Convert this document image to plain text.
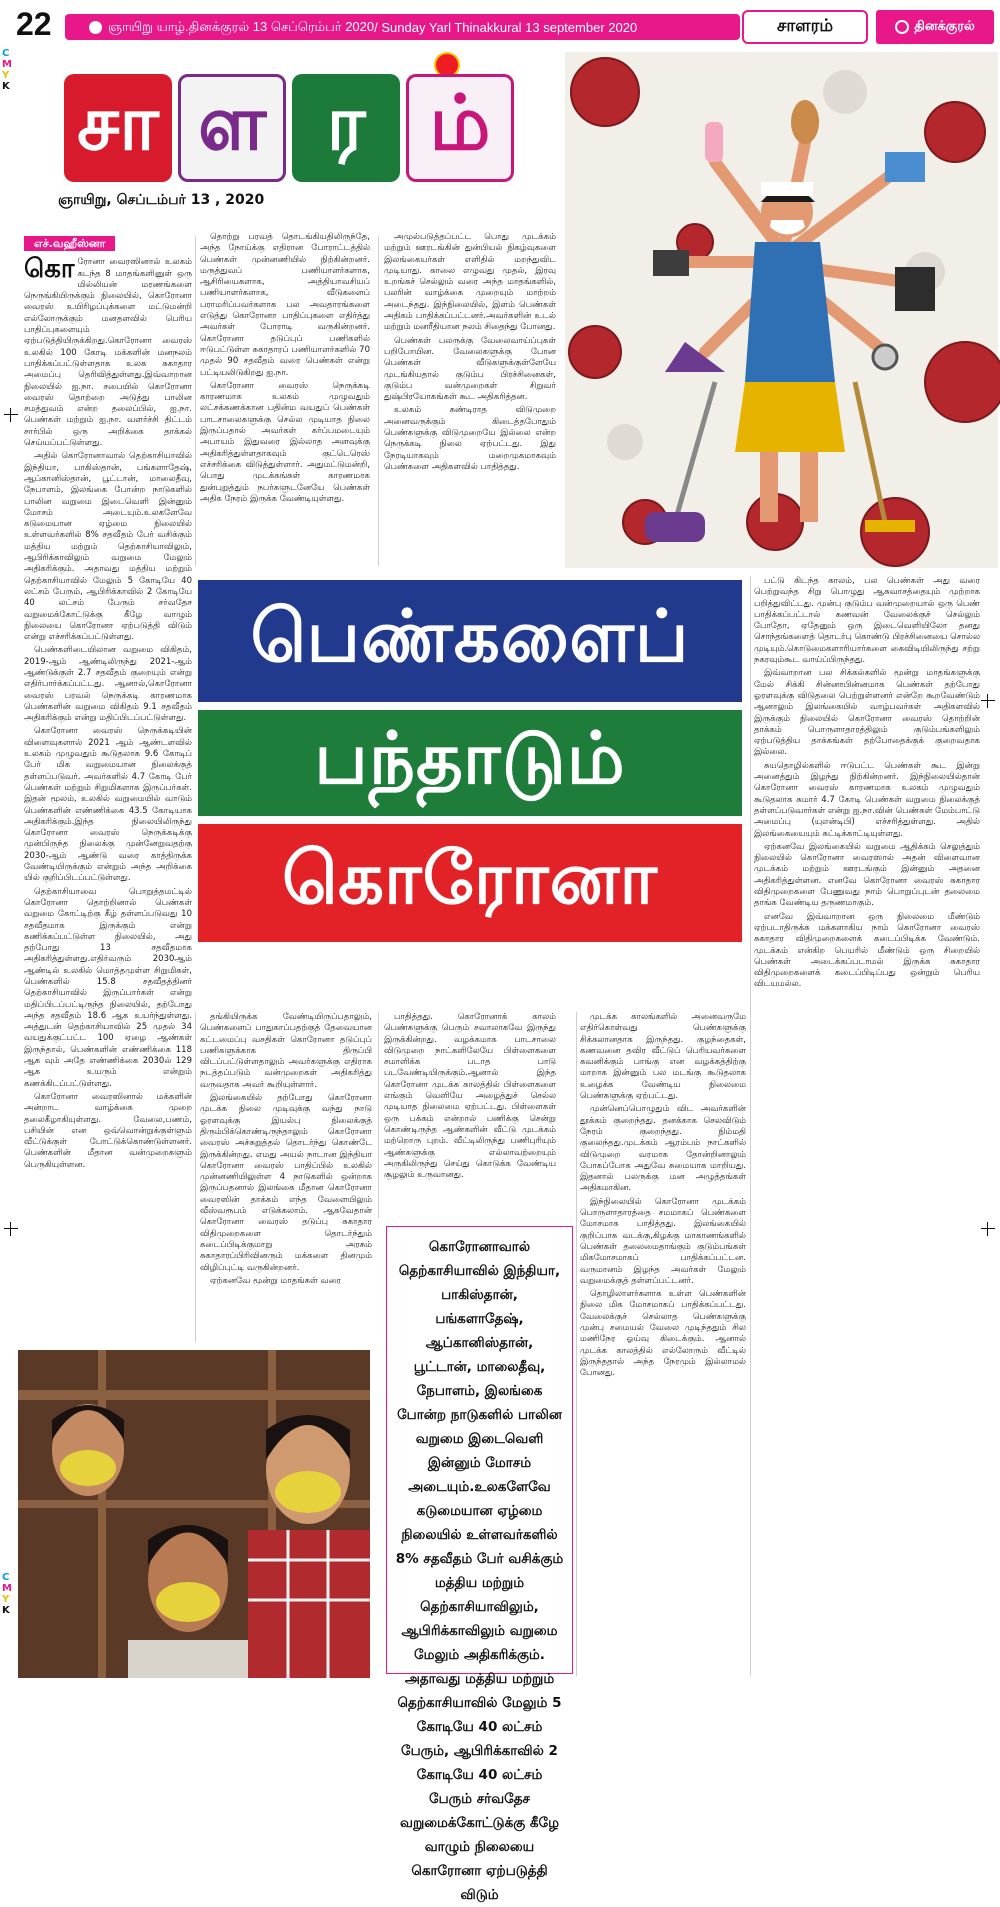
22	ஞாயிறு யாழ்.தினக்குரல் 13 செப்ரெம்பர் 2020 / Sunday Yarl Thinakkural 13 september 2020	சாளரம்	தினக்குரல்
C
M
Y
K
C
M
Y
K
சா ள ர ம்
ஞாயிறு, செப்டம்பர் 13 , 2020
எச்.வஹீஸ்னா

கொரோனா வைரஸினால் உலகம் கடந்த 8 மாதங்களினுள் ஒரு மில்லியன் மரணங்களை நெருங்கியிருக்கும் நிலையில், கொரோனா வைரஸ் உயிரிழப்புக்களை மட்டுமன்றி எல்லோருக்கும் மனதளவில் பெரிய பாதிப்புகளையும் ஏற்படுத்தியிருக்கிறது.கொரோனா வைரஸ் உலகில் 100 கோடி மக்களின் மனநலம் பாதிக்கப்பட்டுள்ளதாக உலக சுகாதார அமைப்பு தெரிவித்துள்ளது.இவ்வாறான நிலையில் ஐ.நா. சபையில் கொரோனா வைரஸ் தொற்றை அடுத்து பாலின சமத்துவம் என்ற தலைப்பில், ஐ.நா. பெண்கள் மற்றும் ஐ.நா. வளர்ச்சி திட்டம் சார்பில் ஒரு அறிக்கை தாக்கல் செய்யப்பட்டுள்ளது.

அதில் கொரோனாவால் தெற்காசியாவில் இந்தியா, பாகிஸ்தான், பங்களாதேஷ், ஆப்கானிஸ்தான், பூட்டான், மாலைதீவு, நேபாளம், இலங்கை போன்ற நாடுகளில் பாலின வறுமை இடைவெளி இன்னும் மோசம் அடையும்.உலகளேவே கடுமையான ஏழ்மை நிலையில் உள்ளவர்களில் 8% சதவீதம் பேர் வசிக்கும் மத்திய மற்றும் தெற்காசியாவிலும், ஆபிரிக்காவிலும் வறுமை மேலும் அதிகரிக்கும். அதாவது மத்திய மற்றும் தெற்காசியாவில் மேலும் 5 கோடியே 40 லட்சம் பேரும், ஆபிரிக்காவில் 2 கோடியே 40 லட்சம் பேரும் சர்வதேச வறுமைக்கோட்டுக்கு கீழே வாழும் நிலையை கொரோனா ஏற்படுத்தி விடும் என்று எச்சரிக்கப்பட்டுள்ளது.

பெண்களிடையிலான வறுமை விகிதம், 2019-ஆம் ஆண்டிலிருந்து 2021-ஆம் ஆண்டுக்குள் 2.7 சதவீதம் குறையும் என்று எதிர்பார்க்கப்பட்டது. ஆனால்,கொரோனா வைரஸ் பரவல் நெருக்கடி காரணமாக பெண்களின் வறுமை விகிதம் 9.1 சதவீதம் அதிகரிக்கும் என்று மதிப்பிடப்பட்டுள்ளது.

கொரோனா வைரஸ் நெருக்கடியின் விளைவுகளால் 2021 ஆம் ஆண்டளவில் உலகம் முழுவதும் கூடுதலாக 9.6 கோடிப் பேர் மிக வறுமையான நிலைக்குத் தள்ளப்படுவர். அவர்களில் 4.7 கோடி பேர் பெண்கள் மற்றும் சிறுமிகளாக இருப்பர்கள். இதன் மூலம், உலகில் வறுமையில் வாடும் பெண்களின் எண்ணிக்கை 43.5 கோடியாக அதிகரிக்கும்.இந்த நிலையிலிருந்து கொரோனா வைரஸ் நெருக்கடிக்கு முன்பிருந்த நிலைக்கு முன்னேறுவதற்கு 2030-ஆம் ஆண்டு வரை காத்திருக்க வேண்டியிருக்கும் என்றும் அந்த அறிக்கை யில் குறிப்பிடப்பட்டுள்ளது.

தெற்காசியாவை பொறுத்தமட்டில் கொரோனா தொற்றினால் பெண்கள் வறுமை கோட்டிற்கு கீழ் தள்ளப்படுவது 10 சதவீதமாக இருக்கும் என்று கணிக்கப்பட்டுள்ள நிலையில், அது தற்போது 13 சதவீதமாக அதிகரித்துள்ளது.எதிர்வரும் 2030ஆம் ஆண்டில் உலகில் மொத்தமுள்ள சிறுமிகள், பெண்களில் 15.8 சதவீதத்தினர் தெற்காசியாவில் இருப்பார்கள் என்று மதிப்பிடப்பட்டிருந்த நிலையில், தற்போது அந்த சதவீதம் 18.6 ஆக உயர்ந்துள்ளது. அத்துடன் தெற்காசியாவில் 25 முதல் 34 வயதுக்குட்பட்ட 100 ஏழை ஆண்கள் இருந்தால், பெண்களின் எண்ணிக்கை 118 ஆக வும் அதே எண்ணிக்கை 2030ல் 129 ஆக உயரும் என்றும் கணக்கிடப்பட்டுள்ளது.

கொரோனா வைரஸினால் மக்களின் அன்றாட வாழ்க்கை முறை தலைகீழாகியுள்ளது. வேலை,பணம், பசியின் என ஒவ்வொன்றுக்குள்ளும் வீட்டுக்குள் போட்டுக்கொண்டுள்ளனர். பெண்களின் மீதான வன்முறைகளும் பெருகியுள்ளன.

தொற்று பரவத் தொடங்கியதிலிருந்தே, அந்த நோய்க்கு எதிரான போராட்டத்தில் பெண்கள் முன்னணியில் நிற்கின்றனர். மருத்துவப் பணியாளர்களாக, ஆசிரியைகளாக, அத்தியாவசியப் பணியாளர்களாக, வீடுகளைப் பராமரிப்பவர்களாக பல அவதாரங்களை எடுத்து கொரோனா பாதிப்புகளை எதிர்த்து அவர்கள் போராடி வருகின்றனர். கொரோனா தடுப்புப் பணிகளில் ஈடுபட்டுள்ள சுகாதாரப் பணியாளர்களில் 70 முதல் 90 சதவீதம் வரை பெண்கள் என்று பட்டியலிடுகிறது ஐ.நா.

கொரோனா வைரஸ் நெருக்கடி காரணமாக உலகம் முழுவதும் லட்சக்கணக்கான பதின்ம வயதுப் பெண்கள் பாடசாலைகளுக்கு செல்ல முடியாத நிலை இருப்பதால் அவர்கள் கர்ப்பமடையும் அபாயம் இதுவரை இல்லாத அளவுக்கு அதிகரித்துள்ளதாகவும் குட்டெரெஸ் எச்சரிக்கை விடுத்துள்ளார். அதுமட்டுமன்றி, பொது முடக்கங்கள் காரணமாக துன்புறுத்தும் நபர்களுடனேயே பெண்கள் அதிக நேரம் இருக்க வேண்டியுள்ளது.

அமுல்படுத்தப்பட்ட பொது முடக்கம் மற்றும் ஊரடங்கின் துன்பியல் நிகழ்வுகளை இலங்கையர்கள் எளிதில் மறந்துவிட முடியாது. காலை எழுவது முதல், இரவு உறங்கச் செல்லும் வரை அந்த மாதங்களில், பலரின் வாழ்க்கை முறையும் மாற்றம் அடைந்தது. இந்நிலையில், இளம் பெண்கள் அதிகம் பாதிக்கப்பட்டனர்.அவர்களின் உடல் மற்றும் மனரீதியான நலம் சிதைந்து போனது.

பெண்கள் பலருக்கு வேலைவாய்ப்புகள் பறிபோயின. வேலைகளுக்கு போன பெண்கள் வீடுகளுக்குள்ளேயே முடங்கியதால் குடும்ப பிரச்சினைகள், குடும்ப வன்முறைகள் சிறுவர் துஷ்பிரயோகங்கள் கூட அதிகரித்தன.

உலகம் கண்டிராத விடுமுறை அனைவருக்கும் கிடைத்தபோதும் பெண்களுக்கு விடுமுறையே இல்லை என்ற நெருக்கடி நிலை ஏற்பட்டது. இது நேரடியாகவும் மறைமுகமாகவும் பெண்களை அதிகளவில் பாதித்தது.

பட்டு கிடந்த காலம், பல பெண்கள் அது வரை பெற்றுவந்த சிறு பொழுது ஆசுவாசத்தையும் முற்றாக பறித்துவிட்டது. முன்பு குடும்ப வன்முறையால் ஒரு பெண் பாதிக்கப்பட்டால் கணவன் வேலைக்குச் செல்லும் போதோ, ஏதேனும் ஒரு இடைவெளியிலோ தனது சொந்தங்களைத் தொடர்பு கொண்டு பிரச்சினையை சொல்ல முடியும்.கொடுமைகளாரியார்களை கைவிடியிலிருந்து சற்று நகரவும்கூட வாய்ப்பிருந்தது.

இவ்வாறான பல சிக்கல்களில் மூன்று மாதங்களுக்கு மேல் சிக்கி சின்னாபின்னமாக பெண்கள் தற்போது ஓரளவுக்கு விடுதலை பெற்றுள்ளனர் என்றே கூறவேண்டும் ஆனாலும் இலங்கையில் வாழ்பவர்கள் அதிகளவில் இருக்கும் நிலையில் கொரோனா வைரஸ் தொற்றின் தாக்கம் பொருளாதாரத்திலும் குடும்பங்களிலும் ஏற்படுத்திய தாக்கங்கள் தற்போதைக்குக் குறைவதாக இல்லை.

சுயதொழில்களில் ஈடுபட்ட பெண்கள் கூட இன்று அனைத்தும் இழந்து நிற்கின்றனர். இந்நிலையில்தான் கொரோனா வைரஸ் காரணமாக உலகம் முழுவதும் கூடுதலாக சுமார் 4.7 கோடி பெண்கள் வறுமை நிலைக்குத் தள்ளப்படுவார்கள் என்று ஐ.நா.வின் பெண்கள் மேம்பாட்டு அமைப்பு (யுஎன்டிபி) எச்சரித்துள்ளது. அதில் இலங்கையையும் சுட்டிக்காட்டியுள்ளது.

ஏற்கனவே இலங்கையில் வறுமை ஆதிக்கம் செலுத்தும் நிலையில் கொரோனா வைரஸால் அதன் விளைவான முடக்கம் மற்றும் ஊரடங்கும் இன்னும் அதனை அதிகரித்துள்ளன. எனவே கொரோனா வைரஸ் சுகாதார விதிமுறைகளை பேணுவது நாம் பொறுப்புடன் தலைமை தாங்க வேண்டிய தருணமாகும்.

எனவே இவ்வாறான ஒரு நிலைமை மீண்டும் ஏற்படாதிருக்க மக்களாகிய நாம் கொரோனா வைரஸ் சுகாதார விதிமுறைகளைக் கடைப்பிடிக்க வேண்டும். முடக்கம் என்கிற பெயரில் மீண்டும் ஒரு சிறையில் பெண்கள் அடைக்கப்படாமல் இருக்க சுகாதார விதிமுறைகளைக் கடைப்பிடிப்பது ஒன்றும் பெரிய விடயமல்ல.

பெண்களைப்
பந்தாடும்
கொரோனா

தங்கியிருக்க வேண்டியிருப்பதாலும், பெண்களைப் பாதுகாப்பதற்குத் தேவையான கட்டமைப்பு வசதிகள் கொரோனா தடுப்புப் பணிகளுக்காக திருப்பி விடப்பட்டுள்ளதாலும் அவர்களுக்கு எதிராக நடத்தப்படும் வன்முறைகள் அதிகரித்து வருவதாக அவர் கூறியுள்ளார்.

இலங்கையில் தற்போது கொரோனா முடக்க நிலை முடிவுக்கு வந்து நாடு ஓரளவுக்கு இயல்பு நிலைக்குத் திரும்பிக்கொண்டிருந்தாலும் கொரோனா வைரஸ் அச்சுறுத்தல் தொடர்ந்து கொண்டே இருக்கின்றது. எமது அயல் நாடான இந்தியா கொரோனா வைரஸ் பாதிப்பில் உலகில் முன்னணியிலுள்ள 4 நாடுகளில் ஒன்றாக இருப்பதனால் இலங்கை மீதான கொரோனா வைரஸின் தாக்கம் எந்த வேளையிலும் வீஸ்வரூபம் எடுக்கலாம். ஆகவேதான் கொரோனா வைரஸ் தடுப்பு சுகாதார விதிமுறைகளை தொடர்ந்தும் கடைப்பிடிக்குமாறு அரசும் சுகாதாரப்பிரிவினரும் மக்களை தினமும் விழிப்புட்டி வருகின்றனர்.

ஏற்கனவே மூன்று மாதங்கள் வரை

பாதித்தது. கொரோனாக் காலம் பெண்களுக்கு பெரும் சவாலாகவே இருந்து இருக்கின்றது. வழக்கமாக பாடசாலை விடுமுறை நாட்களிலேயே பிள்ளைகளை சமாளிக்க படாத பாடு படவேண்டியிருக்கும்.ஆனால் இந்த கொரோனா முடக்க காலத்தில் பிள்ளைகளை எங்கும் வெளியே அழைத்துச் செல்ல முடியாத நிலைமை ஏற்பட்டது. பிள்ளைகள் ஒரு பக்கம் என்றால் பணிக்கு சென்று கொண்டிருந்த ஆண்களின் வீட்டு முடக்கம் மற்றொரு புறம். வீட்டிலிருந்து பணிபுரியும் ஆண்களுக்கு எல்லாவற்றையும் அருகிலிருந்து செய்து கொடுக்க வேண்டிய சூழலும் உருவானது.

முடக்க காலங்களில் அனைவருமே எதிர்கொள்வது பெண்களுக்கு சிக்கலானதாக இருந்தது. குழந்தைகள், கணவனை தவிர வீட்டுப் பெரியவர்களை கவனிக்கும் பாங்கு என வழக்கத்திற்கு மாறாக இன்னும் பல மடங்கு கூடுதலாக உழைக்க வேண்டிய நிலைமை பெண்களுக்கு ஏற்பட்டது.

முன்னெப்பொழுதும் விட அவர்களின் தூக்கம் குறைந்தது. தனக்காக செலவிடும் நேரம் குறைந்தது. நிம்மதி குலைந்தது.முடக்கம் ஆரம்பம் நாட்களில் விடுமுறை வரமாக தோன்றினாலும் போகப்போக அதுவே சுமையாக மாறியது. இதனால் பலருக்கு மன அழுத்தங்கள் அதிகமாகின.

இந்நிலையில் கொரோனா முடக்கம் பொருளாதாரத்தை சமமாகப் பெண்களை மோசமாக பாதித்தது. இலங்கையில் குறிப்பாக வடக்கு,கிழக்கு மாகாணங்களில் பெண்கள் தலைமைதாங்கும் குடும்பங்கள் மிகமோசமாகப் பாதிக்கப்பட்டன. வருமானம் இழந்த அவர்கள் மேலும் வறுமைக்குத் தள்ளப்பட்டனர்.

தொழிலாளர்களாக உள்ள பெண்களின் நிலை மிக மோசமாகப் பாதிக்கப்பட்டது. வேலைக்குச் செல்லாத பெண்களுக்கு முன்பு சமையல் வேலை முடிந்ததும் சில மணிநேர ஓய்வு கிடைக்கும். ஆனால் முடக்க காலத்தில் எல்லோரும் வீட்டில் இருந்ததால் அந்த நேரமும் இல்லாமல் போனது.

கொரோனாவால் தெற்காசியாவில் இந்தியா, பாகிஸ்தான், பங்களாதேஷ், ஆப்கானிஸ்தான், பூட்டான், மாலைதீவு, நேபாளம், இலங்கை போன்ற நாடுகளில் பாலின வறுமை இடைவெளி இன்னும் மோசம் அடையும்.உலகளேவே கடுமையான ஏழ்மை நிலையில் உள்ளவர்களில் 8% சதவீதம் பேர் வசிக்கும் மத்திய மற்றும் தெற்காசியாவிலும், ஆபிரிக்காவிலும் வறுமை மேலும் அதிகரிக்கும். அதாவது மத்திய மற்றும் தெற்காசியாவில் மேலும் 5 கோடியே 40 லட்சம் பேரும், ஆபிரிக்காவில் 2 கோடியே 40 லட்சம் பேரும் சர்வதேச வறுமைக்கோட்டுக்கு கீழே வாழும் நிலையை கொரோனா ஏற்படுத்தி விடும்
